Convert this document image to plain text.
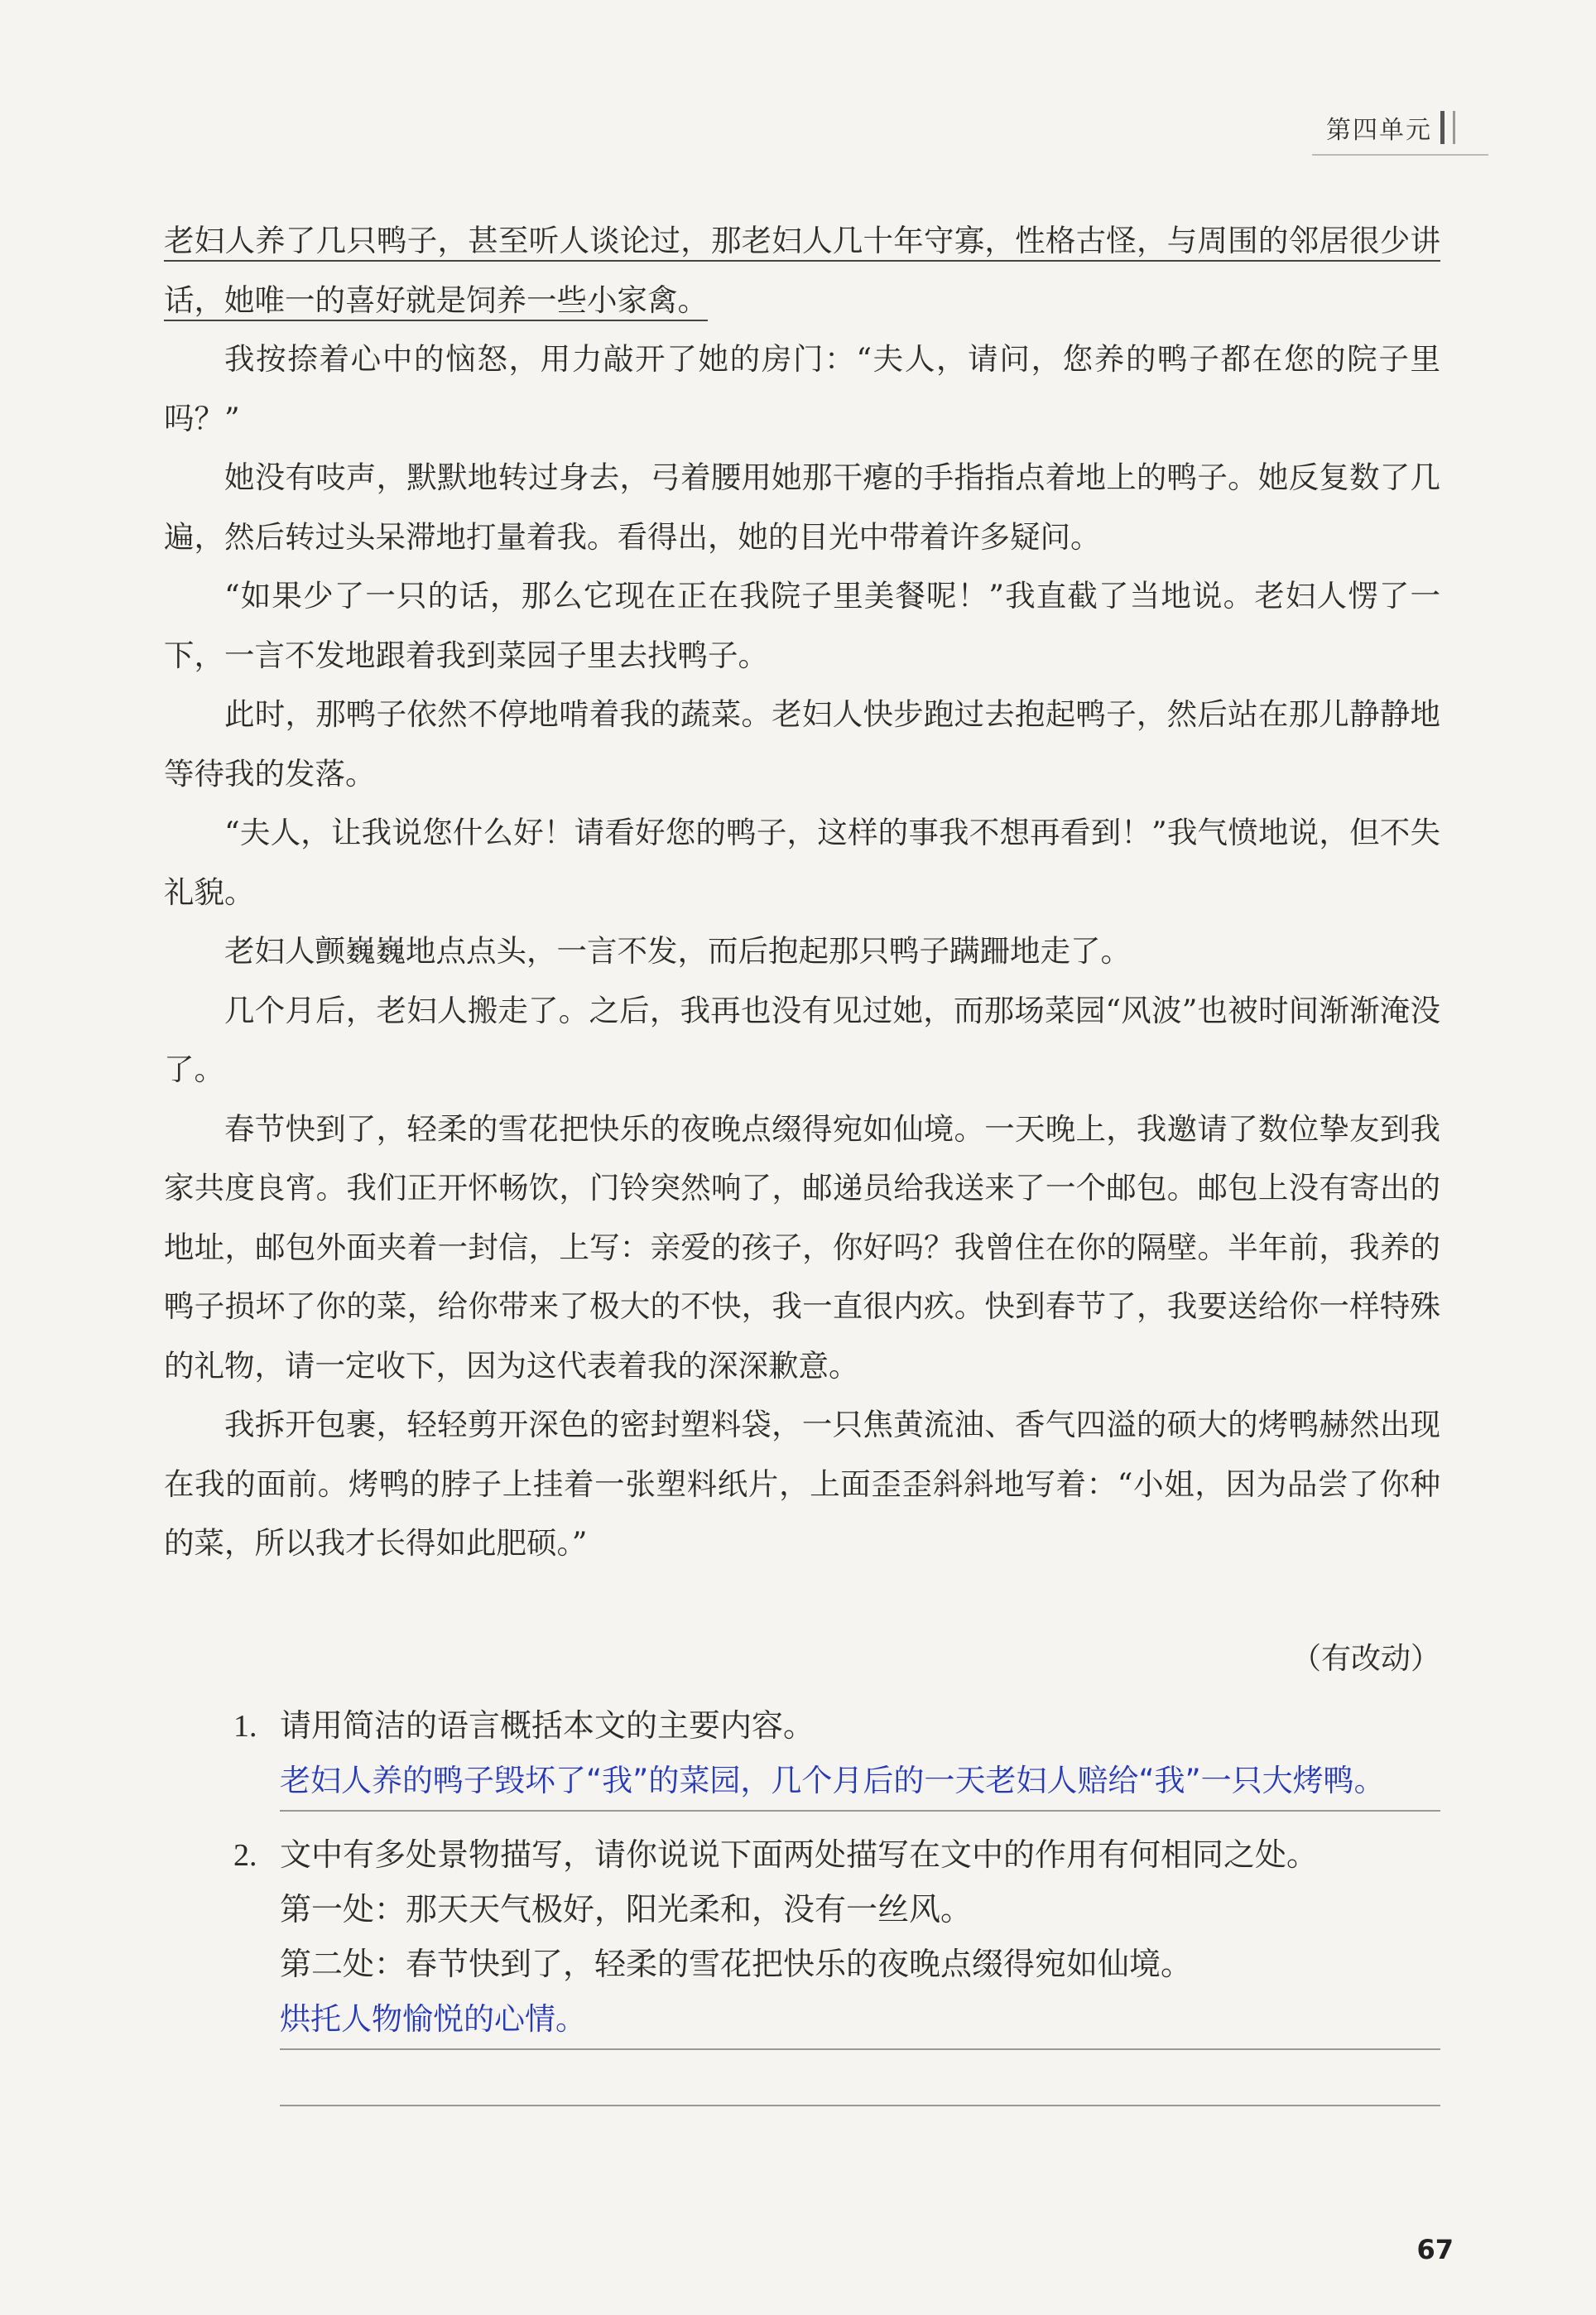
第四单元

老妇人养了几只鸭子，甚至听人谈论过，那老妇人几十年守寡，性格古怪，与周围的邻居很少讲话，她唯一的喜好就是饲养一些小家禽。

我按捺着心中的恼怒，用力敲开了她的房门：“夫人，请问，您养的鸭子都在您的院子里吗？”

她没有吱声，默默地转过身去，弓着腰用她那干瘪的手指指点着地上的鸭子。她反复数了几遍，然后转过头呆滞地打量着我。看得出，她的目光中带着许多疑问。

“如果少了一只的话，那么它现在正在我院子里美餐呢！”我直截了当地说。老妇人愣了一下，一言不发地跟着我到菜园子里去找鸭子。

此时，那鸭子依然不停地啃着我的蔬菜。老妇人快步跑过去抱起鸭子，然后站在那儿静静地等待我的发落。

“夫人，让我说您什么好！请看好您的鸭子，这样的事我不想再看到！”我气愤地说，但不失礼貌。

老妇人颤巍巍地点点头，一言不发，而后抱起那只鸭子蹒跚地走了。

几个月后，老妇人搬走了。之后，我再也没有见过她，而那场菜园“风波”也被时间渐渐淹没了。

春节快到了，轻柔的雪花把快乐的夜晚点缀得宛如仙境。一天晚上，我邀请了数位挚友到我家共度良宵。我们正开怀畅饮，门铃突然响了，邮递员给我送来了一个邮包。邮包上没有寄出的地址，邮包外面夹着一封信，上写：亲爱的孩子，你好吗？我曾住在你的隔壁。半年前，我养的鸭子损坏了你的菜，给你带来了极大的不快，我一直很内疚。快到春节了，我要送给你一样特殊的礼物，请一定收下，因为这代表着我的深深歉意。

我拆开包裹，轻轻剪开深色的密封塑料袋，一只焦黄流油、香气四溢的硕大的烤鸭赫然出现在我的面前。烤鸭的脖子上挂着一张塑料纸片，上面歪歪斜斜地写着：“小姐，因为品尝了你种的菜，所以我才长得如此肥硕。”

（有改动）
1. 请用简洁的语言概括本文的主要内容。
老妇人养的鸭子毁坏了“我”的菜园，几个月后的一天老妇人赔给“我”一只大烤鸭。
2. 文中有多处景物描写，请你说说下面两处描写在文中的作用有何相同之处。
第一处：那天天气极好，阳光柔和，没有一丝风。
第二处：春节快到了，轻柔的雪花把快乐的夜晚点缀得宛如仙境。
烘托人物愉悦的心情。
67
